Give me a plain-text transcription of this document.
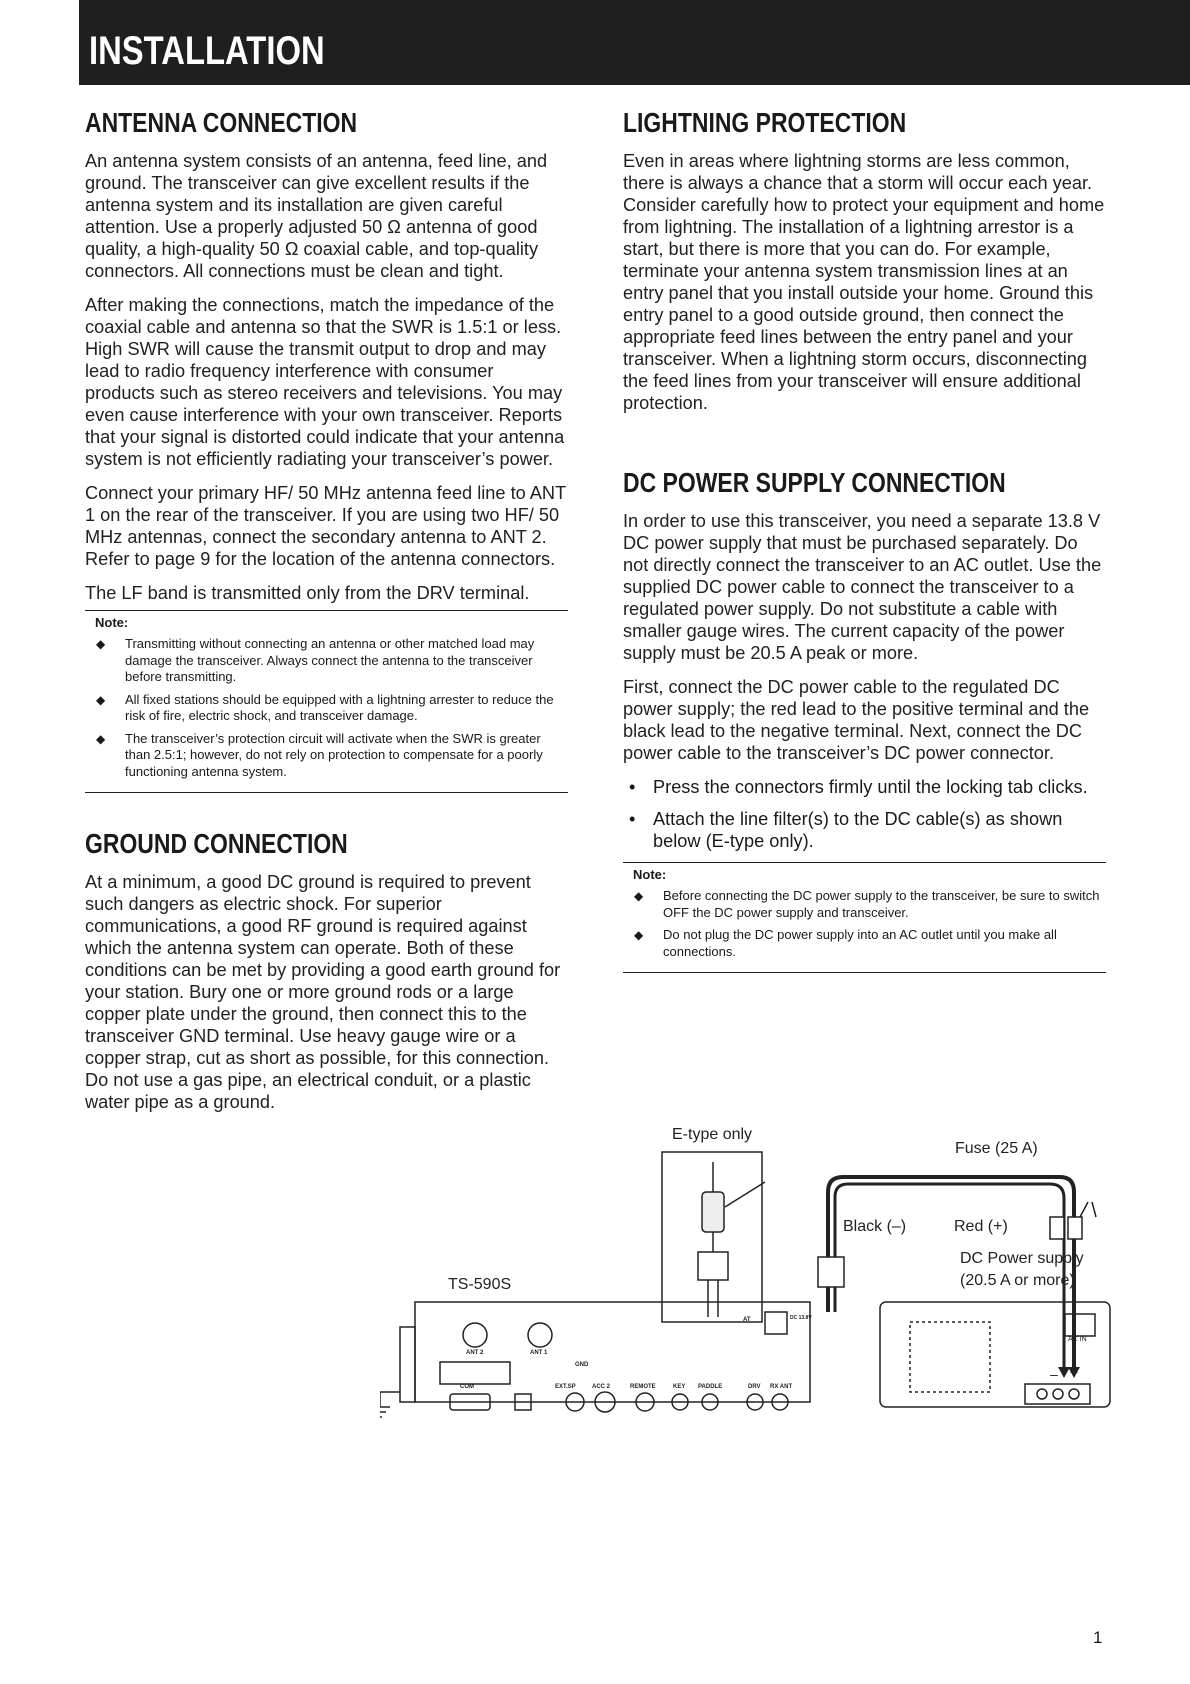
INSTALLATION
ANTENNA CONNECTION

An antenna system consists of an antenna, feed line, and ground. The transceiver can give excellent results if the antenna system and its installation are given careful attention. Use a properly adjusted 50 Ω antenna of good quality, a high-quality 50 Ω coaxial cable, and top-quality connectors. All connections must be clean and tight.

After making the connections, match the impedance of the coaxial cable and antenna so that the SWR is 1.5:1 or less. High SWR will cause the transmit output to drop and may lead to radio frequency interference with consumer products such as stereo receivers and televisions. You may even cause interference with your own transceiver. Reports that your signal is distorted could indicate that your antenna system is not efficiently radiating your transceiver’s power.

Connect your primary HF/ 50 MHz antenna feed line to ANT 1 on the rear of the transceiver. If you are using two HF/ 50 MHz antennas, connect the secondary antenna to ANT 2. Refer to page 9 for the location of the antenna connectors.

The LF band is transmitted only from the DRV terminal.

Note:
◆ Transmitting without connecting an antenna or other matched load may damage the transceiver. Always connect the antenna to the transceiver before transmitting.
◆ All fixed stations should be equipped with a lightning arrester to reduce the risk of fire, electric shock, and transceiver damage.
◆ The transceiver’s protection circuit will activate when the SWR is greater than 2.5:1; however, do not rely on protection to compensate for a poorly functioning antenna system.
GROUND CONNECTION

At a minimum, a good DC ground is required to prevent such dangers as electric shock. For superior communications, a good RF ground is required against which the antenna system can operate. Both of these conditions can be met by providing a good earth ground for your station. Bury one or more ground rods or a large copper plate under the ground, then connect this to the transceiver GND terminal. Use heavy gauge wire or a copper strap, cut as short as possible, for this connection. Do not use a gas pipe, an electrical conduit, or a plastic water pipe as a ground.

LIGHTNING PROTECTION

Even in areas where lightning storms are less common, there is always a chance that a storm will occur each year. Consider carefully how to protect your equipment and home from lightning. The installation of a lightning arrestor is a start, but there is more that you can do. For example, terminate your antenna system transmission lines at an entry panel that you install outside your home. Ground this entry panel to a good outside ground, then connect the appropriate feed lines between the entry panel and your transceiver. When a lightning storm occurs, disconnecting the feed lines from your transceiver will ensure additional protection.

DC POWER SUPPLY CONNECTION

In order to use this transceiver, you need a separate 13.8 V DC power supply that must be purchased separately. Do not directly connect the transceiver to an AC outlet. Use the supplied DC power cable to connect the transceiver to a regulated power supply. Do not substitute a cable with smaller gauge wires. The current capacity of the power supply must be 20.5 A peak or more.

First, connect the DC power cable to the regulated DC power supply; the red lead to the positive terminal and the black lead to the negative terminal. Next, connect the DC power cable to the transceiver’s DC power connector.

• Press the connectors firmly until the locking tab clicks.
• Attach the line filter(s) to the DC cable(s) as shown below (E-type only).
Note:
◆ Before connecting the DC power supply to the transceiver, be sure to switch OFF the DC power supply and transceiver.
◆ Do not plug the DC power supply into an AC outlet until you make all connections.
E-type only
Fuse (25 A)
Black (–)	Red (+)
DC Power supply
(20.5 A or more)
TS-590S
ANT 2	ANT 1
AT	DC 13.8V
GND
COM	EXT.SP	ACC 2	REMOTE	KEY PADDLE	DRV RX ANT
AC IN
– +
1
